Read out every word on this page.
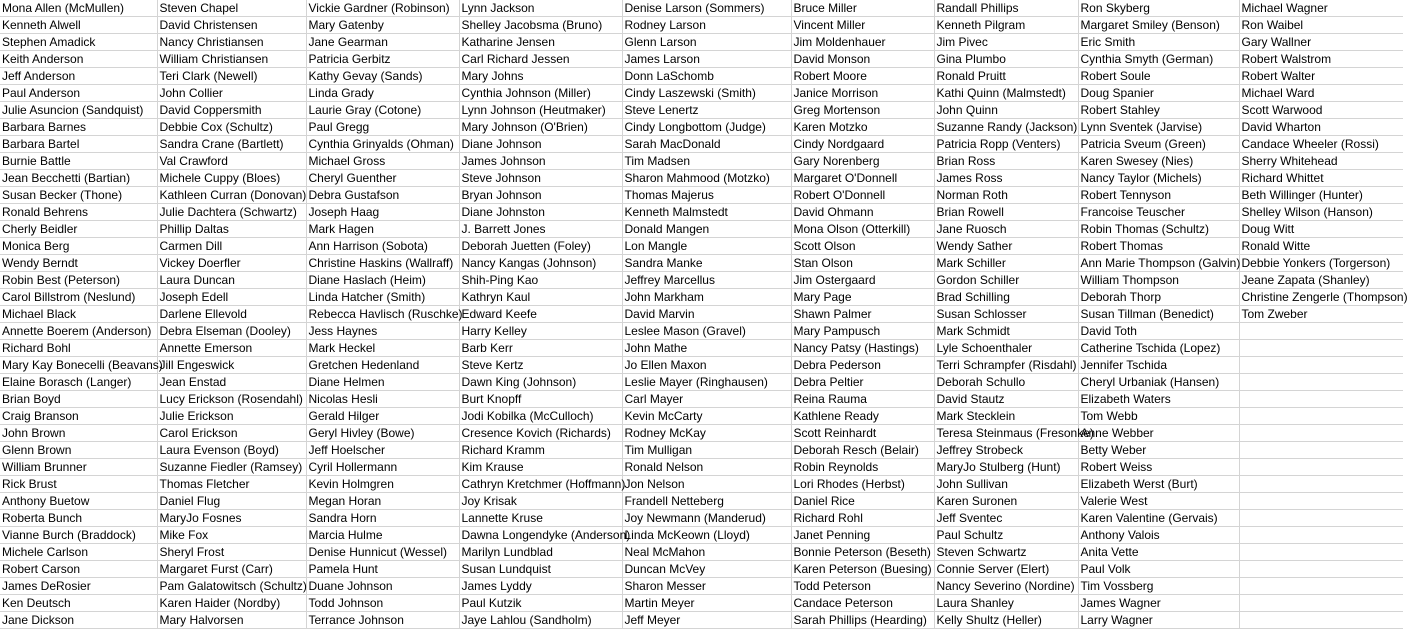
Mona Allen (McMullen)	Steven Chapel	Vickie Gardner (Robinson)	Lynn Jackson	Denise Larson (Sommers)	Bruce Miller	Randall Phillips	Ron Skyberg	Michael Wagner
Kenneth Alwell	David Christensen	Mary Gatenby	Shelley Jacobsma (Bruno)	Rodney Larson	Vincent Miller	Kenneth Pilgram	Margaret Smiley (Benson)	Ron Waibel
Stephen Amadick	Nancy Christiansen	Jane Gearman	Katharine Jensen	Glenn Larson	Jim Moldenhauer	Jim Pivec	Eric Smith	Gary Wallner
Keith Anderson	William Christiansen	Patricia Gerbitz	Carl Richard Jessen	James Larson	David Monson	Gina Plumbo	Cynthia Smyth (German)	Robert Walstrom
Jeff Anderson	Teri Clark (Newell)	Kathy Gevay (Sands)	Mary Johns	Donn LaSchomb	Robert Moore	Ronald Pruitt	Robert Soule	Robert Walter
Paul Anderson	John Collier	Linda Grady	Cynthia Johnson (Miller)	Cindy Laszewski (Smith)	Janice Morrison	Kathi Quinn (Malmstedt)	Doug Spanier	Michael Ward
Julie Asuncion (Sandquist)	David Coppersmith	Laurie Gray (Cotone)	Lynn Johnson (Heutmaker)	Steve Lenertz	Greg Mortenson	John Quinn	Robert Stahley	Scott Warwood
Barbara Barnes	Debbie Cox (Schultz)	Paul Gregg	Mary Johnson (O'Brien)	Cindy Longbottom (Judge)	Karen Motzko	Suzanne Randy (Jackson)	Lynn Sventek (Jarvise)	David Wharton
Barbara Bartel	Sandra Crane (Bartlett)	Cynthia Grinyalds (Ohman)	Diane Johnson	Sarah MacDonald	Cindy Nordgaard	Patricia Ropp (Venters)	Patricia Sveum (Green)	Candace Wheeler (Rossi)
Burnie Battle	Val Crawford	Michael Gross	James Johnson	Tim Madsen	Gary Norenberg	Brian Ross	Karen Swesey (Nies)	Sherry Whitehead
Jean Becchetti (Bartian)	Michele Cuppy (Bloes)	Cheryl Guenther	Steve Johnson	Sharon Mahmood (Motzko)	Margaret O'Donnell	James Ross	Nancy Taylor (Michels)	Richard Whittet
Susan Becker (Thone)	Kathleen Curran (Donovan)	Debra Gustafson	Bryan Johnson	Thomas Majerus	Robert O'Donnell	Norman Roth	Robert Tennyson	Beth Willinger (Hunter)
Ronald Behrens	Julie Dachtera (Schwartz)	Joseph Haag	Diane Johnston	Kenneth Malmstedt	David Ohmann	Brian Rowell	Francoise Teuscher	Shelley Wilson (Hanson)
Cherly Beidler	Phillip Daltas	Mark Hagen	J. Barrett Jones	Donald Mangen	Mona Olson (Otterkill)	Jane Ruosch	Robin Thomas (Schultz)	Doug Witt
Monica Berg	Carmen Dill	Ann Harrison (Sobota)	Deborah Juetten (Foley)	Lon Mangle	Scott Olson	Wendy Sather	Robert Thomas	Ronald Witte
Wendy Berndt	Vickey Doerfler	Christine Haskins (Wallraff)	Nancy Kangas (Johnson)	Sandra Manke	Stan Olson	Mark Schiller	Ann Marie Thompson (Galvin)	Debbie Yonkers (Torgerson)
Robin Best (Peterson)	Laura Duncan	Diane Haslach (Heim)	Shih-Ping Kao	Jeffrey Marcellus	Jim Ostergaard	Gordon Schiller	William Thompson	Jeane Zapata (Shanley)
Carol Billstrom (Neslund)	Joseph Edell	Linda Hatcher (Smith)	Kathryn Kaul	John Markham	Mary Page	Brad Schilling	Deborah Thorp	Christine Zengerle (Thompson)
Michael Black	Darlene Ellevold	Rebecca Havlisch (Ruschke)	Edward Keefe	David Marvin	Shawn Palmer	Susan Schlosser	Susan Tillman (Benedict)	Tom Zweber
Annette Boerem (Anderson)	Debra Elseman (Dooley)	Jess Haynes	Harry Kelley	Leslee Mason (Gravel)	Mary Pampusch	Mark Schmidt	David Toth	
Richard Bohl	Annette Emerson	Mark Heckel	Barb Kerr	John Mathe	Nancy Patsy (Hastings)	Lyle Schoenthaler	Catherine Tschida (Lopez)	
Mary Kay Bonecelli (Beavans)	Jill Engeswick	Gretchen Hedenland	Steve Kertz	Jo Ellen Maxon	Debra Pederson	Terri Schrampfer (Risdahl)	Jennifer Tschida	
Elaine Borasch (Langer)	Jean Enstad	Diane Helmen	Dawn King (Johnson)	Leslie Mayer (Ringhausen)	Debra Peltier	Deborah Schullo	Cheryl Urbaniak (Hansen)	
Brian Boyd	Lucy Erickson (Rosendahl)	Nicolas Hesli	Burt Knopff	Carl Mayer	Reina Rauma	David Stautz	Elizabeth Waters	
Craig Branson	Julie Erickson	Gerald Hilger	Jodi Kobilka (McCulloch)	Kevin McCarty	Kathlene Ready	Mark Stecklein	Tom Webb	
John Brown	Carol Erickson	Geryl Hivley (Bowe)	Cresence Kovich (Richards)	Rodney McKay	Scott Reinhardt	Teresa Steinmaus (Fresonke)	Anne Webber	
Glenn Brown	Laura Evenson (Boyd)	Jeff Hoelscher	Richard Kramm	Tim Mulligan	Deborah Resch (Belair)	Jeffrey Strobeck	Betty Weber	
William Brunner	Suzanne Fiedler (Ramsey)	Cyril Hollermann	Kim Krause	Ronald Nelson	Robin Reynolds	MaryJo Stulberg (Hunt)	Robert Weiss	
Rick Brust	Thomas Fletcher	Kevin Holmgren	Cathryn Kretchmer (Hoffmann)	Jon Nelson	Lori Rhodes (Herbst)	John Sullivan	Elizabeth Werst (Burt)	
Anthony Buetow	Daniel Flug	Megan Horan	Joy Krisak	Frandell Netteberg	Daniel Rice	Karen Suronen	Valerie West	
Roberta Bunch	MaryJo Fosnes	Sandra Horn	Lannette Kruse	Joy Newmann (Manderud)	Richard Rohl	Jeff Sventec	Karen Valentine (Gervais)	
Vianne Burch (Braddock)	Mike Fox	Marcia Hulme	Dawna Longendyke (Anderson)	Linda McKeown (Lloyd)	Janet Penning	Paul Schultz	Anthony Valois	
Michele Carlson	Sheryl Frost	Denise Hunnicut (Wessel)	Marilyn Lundblad	Neal McMahon	Bonnie Peterson (Beseth)	Steven Schwartz	Anita Vette	
Robert Carson	Margaret Furst (Carr)	Pamela Hunt	Susan Lundquist	Duncan McVey	Karen Peterson (Buesing)	Connie Server (Elert)	Paul Volk	
James DeRosier	Pam Galatowitsch (Schultz)	Duane Johnson	James Lyddy	Sharon Messer	Todd Peterson	Nancy Severino (Nordine)	Tim Vossberg	
Ken Deutsch	Karen Haider (Nordby)	Todd Johnson	Paul Kutzik	Martin Meyer	Candace Peterson	Laura Shanley	James Wagner	
Jane Dickson	Mary Halvorsen	Terrance Johnson	Jaye Lahlou (Sandholm)	Jeff Meyer	Sarah Phillips (Hearding)	Kelly Shultz (Heller)	Larry Wagner	
